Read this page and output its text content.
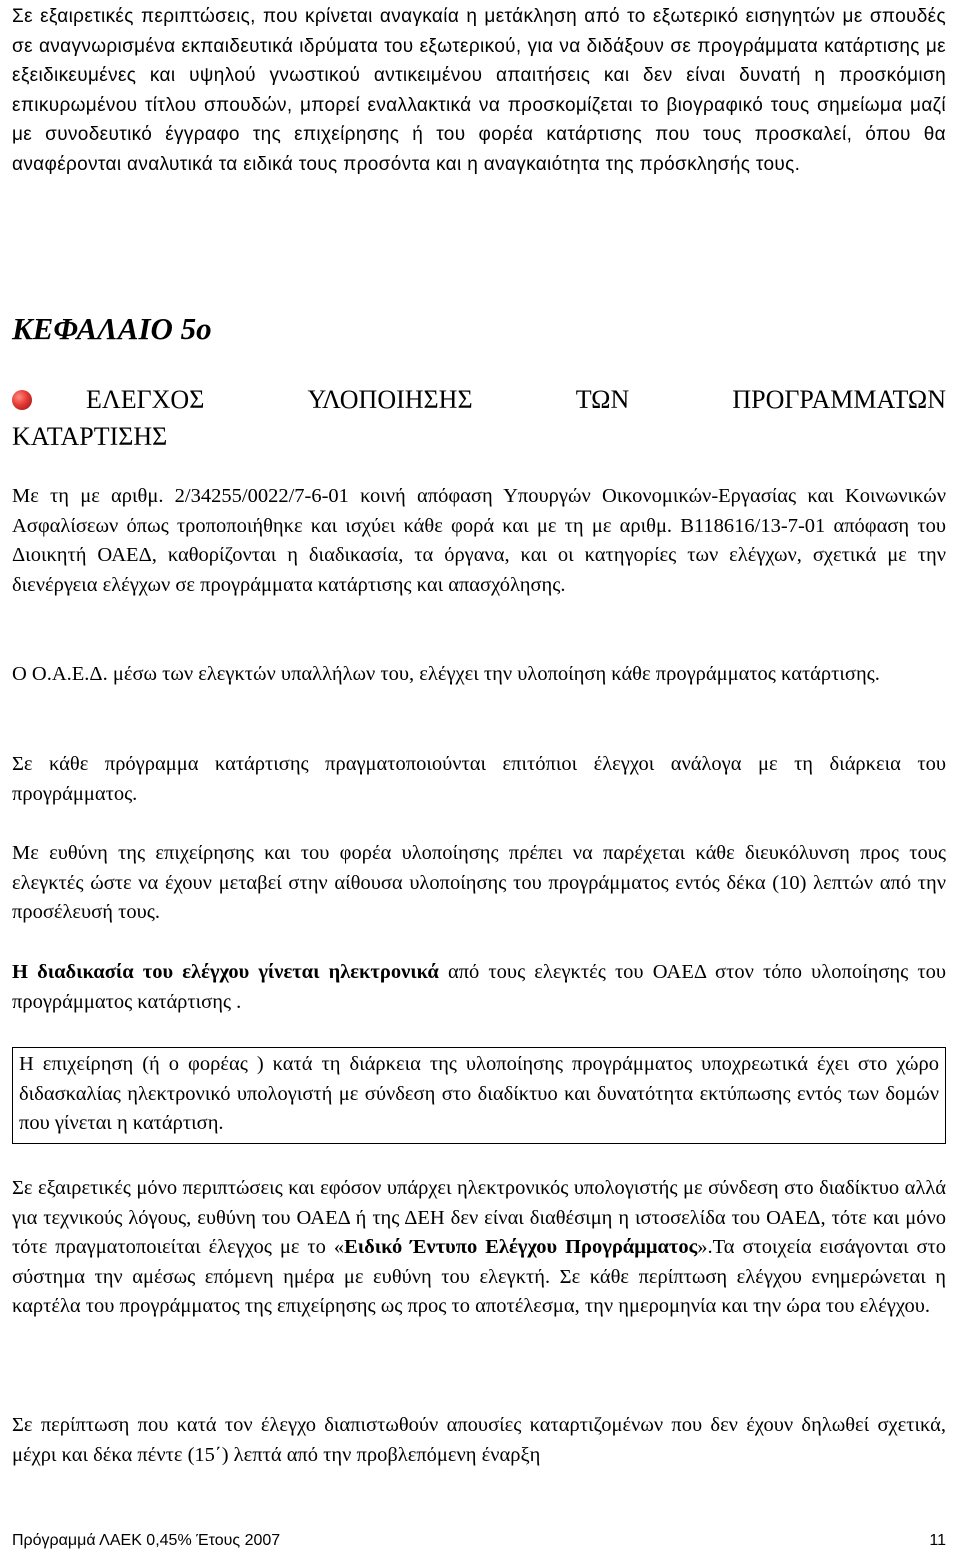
Σε εξαιρετικές περιπτώσεις, που κρίνεται αναγκαία η μετάκληση από το εξωτερικό εισηγητών με σπουδές σε αναγνωρισμένα εκπαιδευτικά ιδρύματα του εξωτερικού, για να διδάξουν σε προγράμματα κατάρτισης με εξειδικευμένες και υψηλού γνωστικού αντικειμένου απαιτήσεις και δεν είναι δυνατή η προσκόμιση επικυρωμένου τίτλου σπουδών, μπορεί εναλλακτικά να προσκομίζεται το βιογραφικό τους σημείωμα μαζί με συνοδευτικό έγγραφο της επιχείρησης ή του φορέα κατάρτισης που τους προσκαλεί, όπου θα αναφέρονται αναλυτικά τα ειδικά τους προσόντα και η αναγκαιότητα της πρόσκλησής τους.

ΚΕΦΑΛΑΙΟ 5ο
ΕΛΕΓΧΟΣ	ΥΛΟΠΟΙΗΣΗΣ	ΤΩΝ	ΠΡΟΓΡΑΜΜΑΤΩΝ
ΚΑΤΑΡΤΙΣΗΣ

Με τη με αριθμ. 2/34255/0022/7-6-01 κοινή απόφαση Υπουργών Οικονομικών-Εργασίας και Κοινωνικών Ασφαλίσεων όπως τροποποιήθηκε και ισχύει κάθε φορά και με τη με αριθμ. Β118616/13-7-01 απόφαση του Διοικητή ΟΑΕΔ, καθορίζονται η διαδικασία, τα όργανα, και οι κατηγορίες των ελέγχων, σχετικά με την διενέργεια ελέγχων σε προγράμματα κατάρτισης και απασχόλησης.

Ο Ο.Α.Ε.Δ. μέσω των ελεγκτών υπαλλήλων του, ελέγχει την υλοποίηση κάθε προγράμματος κατάρτισης.

Σε κάθε πρόγραμμα κατάρτισης πραγματοποιούνται επιτόπιοι έλεγχοι ανάλογα με τη διάρκεια του προγράμματος.

Με ευθύνη της επιχείρησης και του φορέα υλοποίησης πρέπει να παρέχεται κάθε διευκόλυνση προς τους ελεγκτές ώστε να έχουν μεταβεί στην αίθουσα υλοποίησης του προγράμματος εντός δέκα (10) λεπτών από την προσέλευσή τους.

Η διαδικασία του ελέγχου γίνεται ηλεκτρονικά από τους ελεγκτές του ΟΑΕΔ στον τόπο υλοποίησης του προγράμματος κατάρτισης .

Η επιχείρηση (ή ο φορέας ) κατά τη διάρκεια της υλοποίησης προγράμματος υποχρεωτικά έχει στο χώρο διδασκαλίας ηλεκτρονικό υπολογιστή με σύνδεση στο διαδίκτυο και δυνατότητα εκτύπωσης εντός των δομών που γίνεται η κατάρτιση.

Σε εξαιρετικές μόνο περιπτώσεις και εφόσον υπάρχει ηλεκτρονικός υπολογιστής με σύνδεση στο διαδίκτυο αλλά για τεχνικούς λόγους, ευθύνη του ΟΑΕΔ ή της ΔΕΗ δεν είναι διαθέσιμη η ιστοσελίδα του ΟΑΕΔ, τότε και μόνο τότε πραγματοποιείται έλεγχος με το «Ειδικό Έντυπο Ελέγχου Προγράμματος».Τα στοιχεία εισάγονται στο σύστημα την αμέσως επόμενη ημέρα με ευθύνη του ελεγκτή. Σε κάθε περίπτωση ελέγχου ενημερώνεται η καρτέλα του προγράμματος της επιχείρησης ως προς το αποτέλεσμα, την ημερομηνία και την ώρα του ελέγχου.

Σε περίπτωση που κατά τον έλεγχο διαπιστωθούν απουσίες καταρτιζομένων που δεν έχουν δηλωθεί σχετικά, μέχρι και δέκα πέντε (15΄) λεπτά από την προβλεπόμενη έναρξη

Πρόγραμμά ΛΑΕΚ 0,45% Έτους 2007	11
